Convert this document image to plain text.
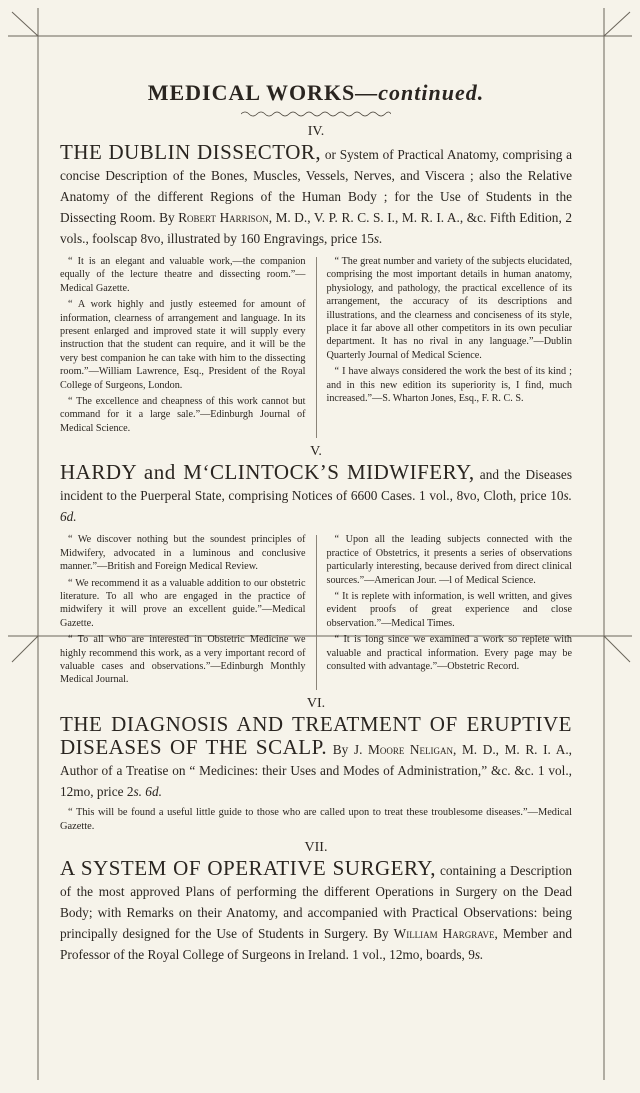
MEDICAL WORKS—continued.
IV.

THE DUBLIN DISSECTOR, or System of Practical Anatomy, comprising a concise Description of the Bones, Muscles, Vessels, Nerves, and Viscera ; also the Relative Anatomy of the different Regions of the Human Body ; for the Use of Students in the Dissecting Room. By Robert Harrison, M. D., V. P. R. C. S. I., M. R. I. A., &c. Fifth Edition, 2 vols., foolscap 8vo, illustrated by 160 Engravings, price 15s.

“ It is an elegant and valuable work,—the companion equally of the lecture theatre and dissecting room.”—Medical Gazette.

“ A work highly and justly esteemed for amount of information, clearness of arrangement and language. In its present enlarged and improved state it will supply every instruction that the student can require, and it will be the very best companion he can take with him to the dissecting room.”—William Lawrence, Esq., President of the Royal College of Surgeons, London.

“ The excellence and cheapness of this work cannot but command for it a large sale.”—Edinburgh Journal of Medical Science.

“ The great number and variety of the subjects elucidated, comprising the most important details in human anatomy, physiology, and pathology, the practical excellence of its arrangement, the accuracy of its descriptions and illustrations, and the clearness and conciseness of its style, place it far above all other competitors in its own peculiar department. It has no rival in any language.”—Dublin Quarterly Journal of Medical Science.

“ I have always considered the work the best of its kind ; and in this new edition its superiority is, I find, much increased.”—S. Wharton Jones, Esq., F. R. C. S.

V.

HARDY and M‘CLINTOCK’S MIDWIFERY, and the Diseases incident to the Puerperal State, comprising Notices of 6600 Cases. 1 vol., 8vo, Cloth, price 10s. 6d.

“ We discover nothing but the soundest principles of Midwifery, advocated in a luminous and conclusive manner.”—British and Foreign Medical Review.

“ We recommend it as a valuable addition to our obstetric literature. To all who are engaged in the practice of midwifery it will prove an excellent guide.”—Medical Gazette.

“ To all who are interested in Obstetric Medicine we highly recommend this work, as a very important record of valuable cases and observations.”—Edinburgh Monthly Medical Journal.

“ Upon all the leading subjects connected with the practice of Obstetrics, it presents a series of observations particularly interesting, because derived from direct clinical sources.”—American Jour. —l of Medical Science.

“ It is replete with information, is well written, and gives evident proofs of great experience and close observation.”—Medical Times.

“ It is long since we examined a work so replete with valuable and practical information. Every page may be consulted with advantage.”—Obstetric Record.

VI.

THE DIAGNOSIS AND TREATMENT OF ERUPTIVE DISEASES OF THE SCALP. By J. Moore Neligan, M. D., M. R. I. A., Author of a Treatise on “ Medicines: their Uses and Modes of Administration,” &c. &c. 1 vol., 12mo, price 2s. 6d.

“ This will be found a useful little guide to those who are called upon to treat these troublesome diseases.”—Medical Gazette.

VII.

A SYSTEM OF OPERATIVE SURGERY, containing a Description of the most approved Plans of performing the different Operations in Surgery on the Dead Body; with Remarks on their Anatomy, and accompanied with Practical Observations: being principally designed for the Use of Students in Surgery. By William Hargrave, Member and Professor of the Royal College of Surgeons in Ireland. 1 vol., 12mo, boards, 9s.
